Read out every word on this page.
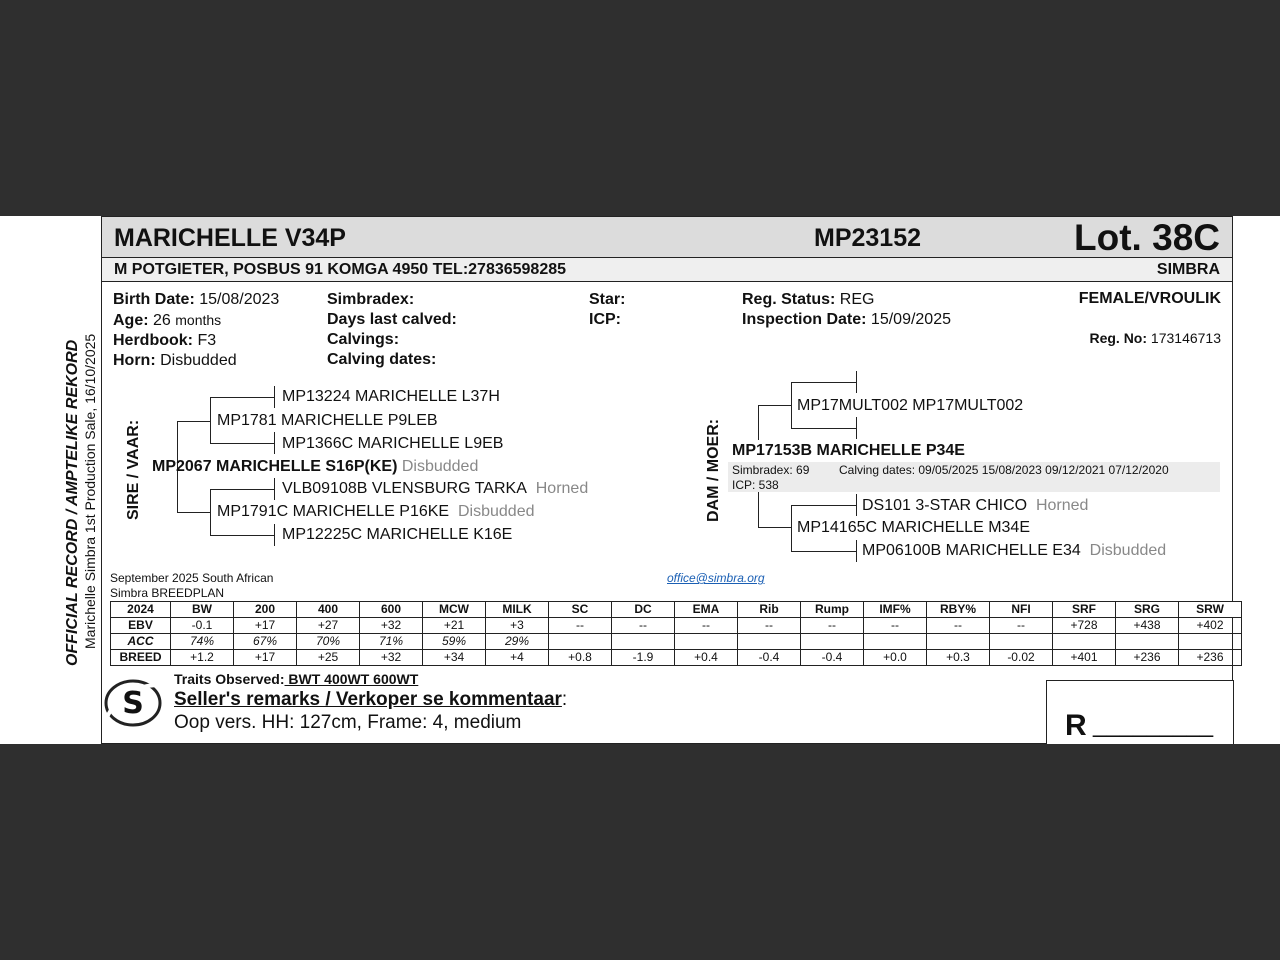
MARICHELLE V34P	MP23152	Lot. 38C
M POTGIETER, POSBUS 91 KOMGA 4950 TEL:27836598285	SIMBRA
OFFICIAL RECORD / AMPTELIKE REKORD Marichelle Simbra 1st Production Sale, 16/10/2025
Birth Date: 15/08/2023
Age: 26 months
Herdbook: F3
Horn: Disbudded
Simbradex:
Days last calved:
Calvings:
Calving dates:
Star:
ICP:
Reg. Status: REG
Inspection Date: 15/09/2025
FEMALE/VROULIK
Reg. No: 173146713
SIRE / VAAR:
MP13224 MARICHELLE L37H
MP1781 MARICHELLE P9LEB
MP1366C MARICHELLE L9EB
MP2067 MARICHELLE S16P(KE) Disbudded
VLB09108B VLENSBURG TARKA Horned
MP1791C MARICHELLE P16KE Disbudded
MP12225C MARICHELLE K16E
DAM / MOER:
MP17MULT002 MP17MULT002
MP17153B MARICHELLE P34E
Simbradex: 69 Calving dates: 09/05/2025 15/08/2023 09/12/2021 07/12/2020
ICP: 538
DS101 3-STAR CHICO Horned
MP14165C MARICHELLE M34E
MP06100B MARICHELLE E34 Disbudded
September 2025 South African
Simbra BREEDPLAN
office@simbra.org
2024	BW	200	400	600	MCW	MILK	SC	DC	EMA	Rib	Rump	IMF%	RBY%	NFI	SRF	SRG	SRW
EBV	-0.1	+17	+27	+32	+21	+3	--	--	--	--	--	--	--	--	+728	+438	+402
ACC	74%	67%	70%	71%	59%	29%											
BREED	+1.2	+17	+25	+32	+34	+4	+0.8	-1.9	+0.4	-0.4	-0.4	+0.0	+0.3	-0.02	+401	+236	+236
S
Traits Observed: BWT 400WT 600WT
Seller's remarks / Verkoper se kommentaar:
Oop vers. HH: 127cm, Frame: 4, medium	R _________
